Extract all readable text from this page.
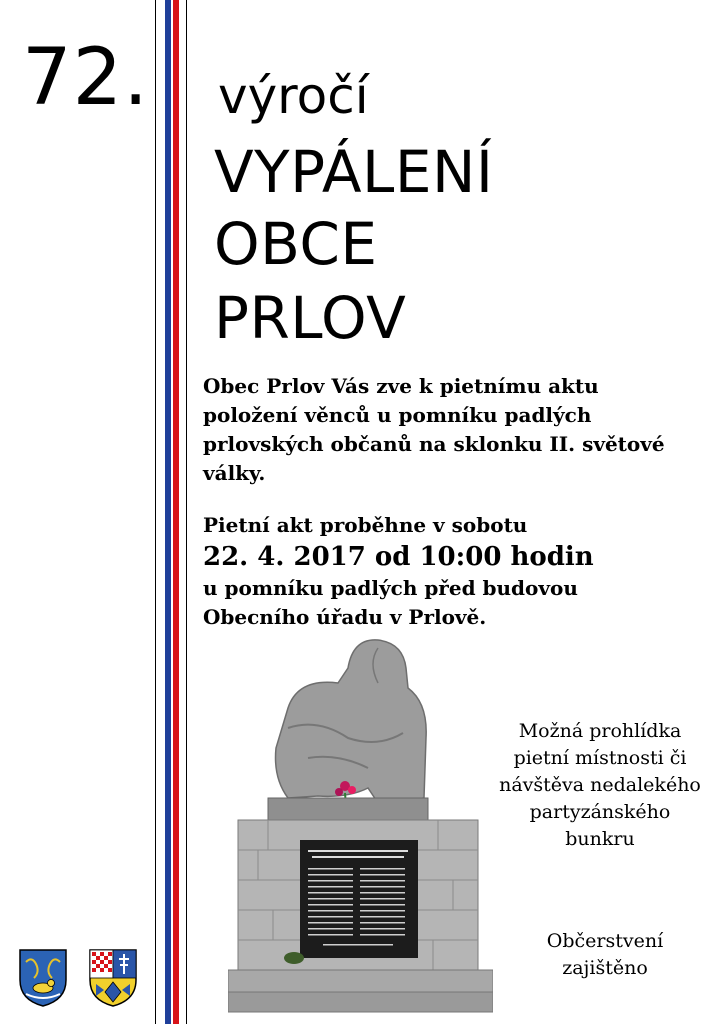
72. výročí
VYPÁLENÍ
OBCE
PRLOV
Obec Prlov Vás zve k pietnímu aktu
položení věnců u pomníku padlých
prlovských občanů na sklonku II. světové
války.
Pietní akt proběhne v sobotu
22. 4. 2017 od 10:00 hodin
u pomníku padlých před budovou
Obecního úřadu v Prlově.
Možná prohlídka
pietní místnosti či
návštěva nedalekého
partyzánského
bunkru
Občerstvení
zajištěno
